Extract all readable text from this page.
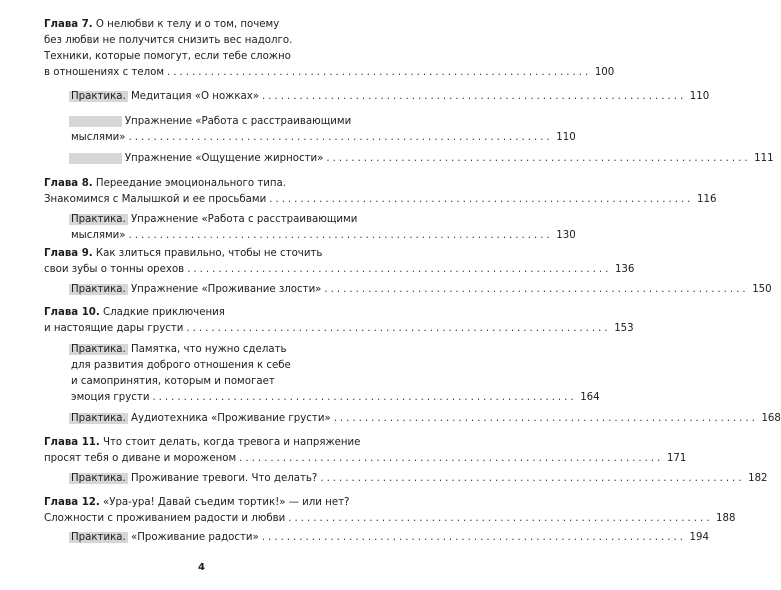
Глава 7. О нелюбви к телу и о том, почему
без любви не получится снизить вес надолго.
Техники, которые помогут, если тебе сложно
в отношениях с телом .................................................................... 100
Практика. Медитация «О ножках» .................................................................... 110
​                Упражнение «Работа с расстраивающими
мыслями» .................................................................... 110
​                Упражнение «Ощущение жирности» .................................................................... 111
Глава 8. Переедание эмоционального типа.
Знакомимся с Малышкой и ее просьбами .................................................................... 116
Практика. Упражнение «Работа с расстраивающими
мыслями» .................................................................... 130
Глава 9. Как злиться правильно, чтобы не сточить
свои зубы о тонны орехов .................................................................... 136
Практика. Упражнение «Проживание злости» .................................................................... 150
Глава 10. Сладкие приключения
и настоящие дары грусти .................................................................... 153
Практика. Памятка, что нужно сделать
для развития доброго отношения к себе
и самопринятия, которым и помогает
эмоция грусти .................................................................... 164
Практика. Аудиотехника «Проживание грусти» .................................................................... 168
Глава 11. Что стоит делать, когда тревога и напряжение
просят тебя о диване и мороженом .................................................................... 171
Практика. Проживание тревоги. Что делать? .................................................................... 182
Глава 12. «Ура-ура! Давай съедим тортик!» — или нет?
Сложности с проживанием радости и любви .................................................................... 188
Практика. «Проживание радости» .................................................................... 194
4
